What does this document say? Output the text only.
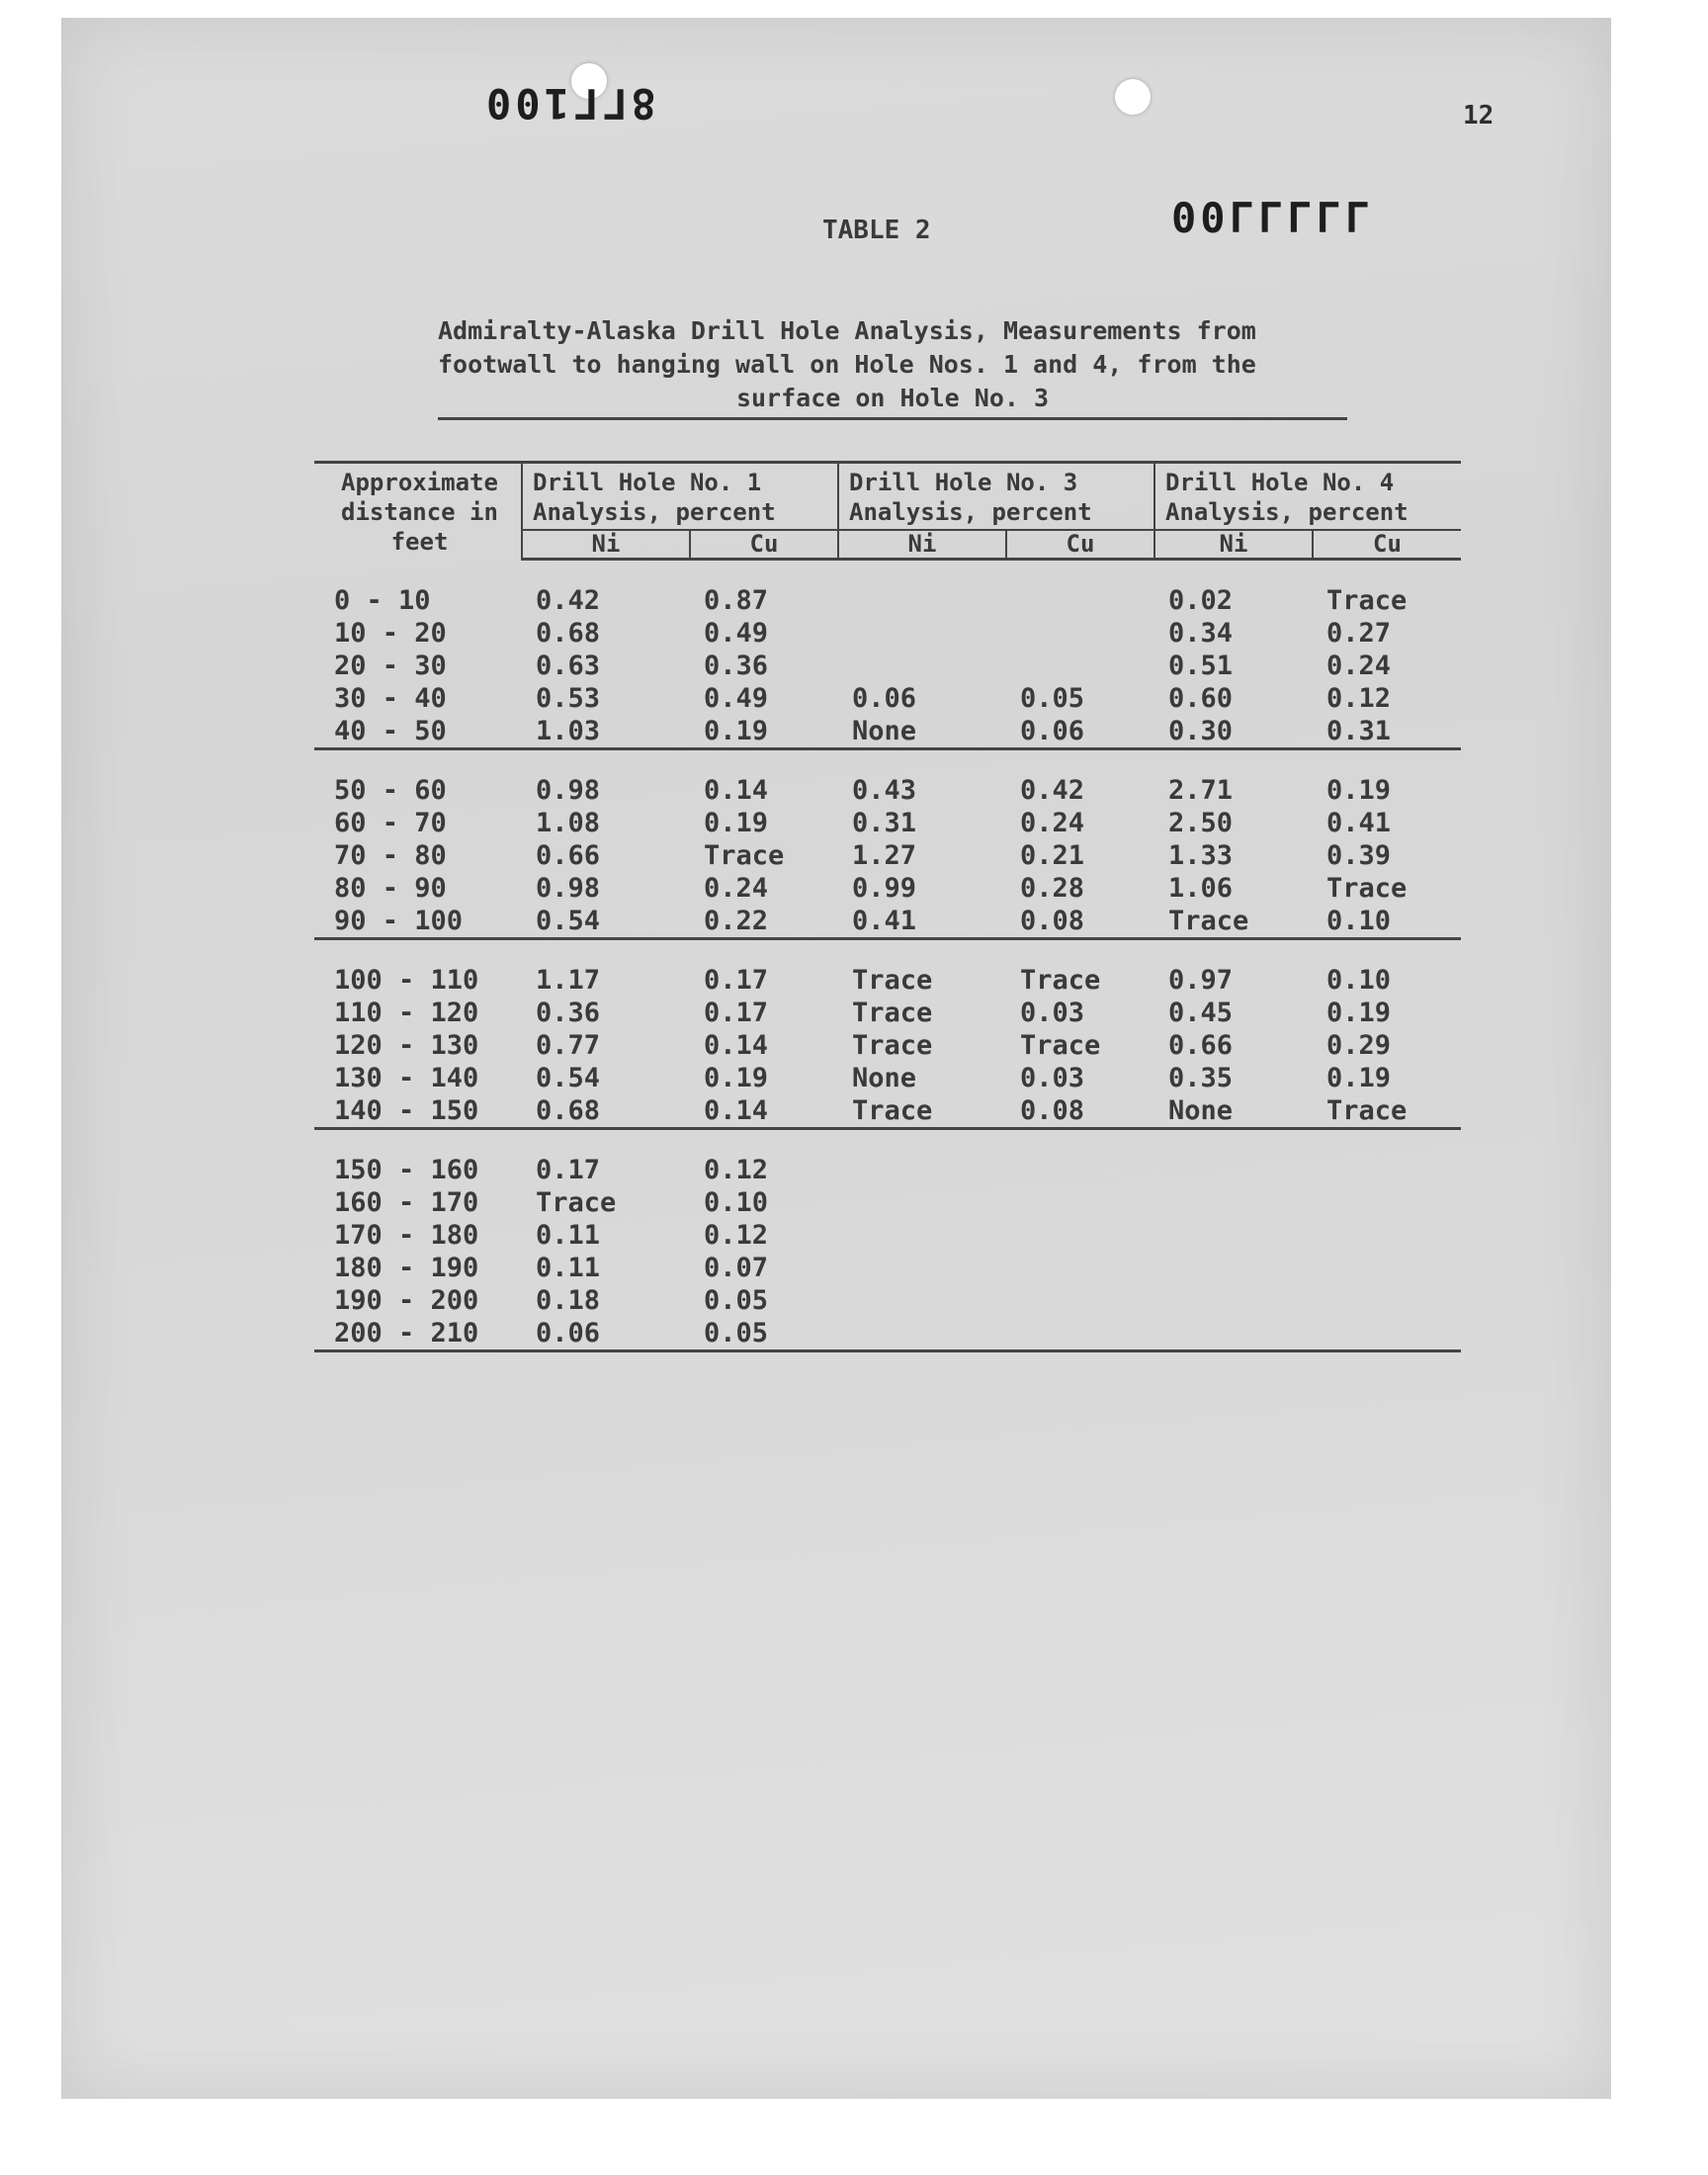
8ΓΓ100
00ΓΓΓΓΓ
12
TABLE 2
Admiralty-Alaska Drill Hole Analysis, Measurements from
footwall to hanging wall on Hole Nos. 1 and 4, from the
surface on Hole No. 3
Approximate distance in feet	Drill Hole No. 1 Analysis, percent		Drill Hole No. 3 Analysis, percent		Drill Hole No. 4 Analysis, percent	
	Ni	Cu	Ni	Cu	Ni	Cu

0 - 10	0.42	0.87			0.02	Trace
10 - 20	0.68	0.49			0.34	0.27
20 - 30	0.63	0.36			0.51	0.24
30 - 40	0.53	0.49	0.06	0.05	0.60	0.12
40 - 50	1.03	0.19	None	0.06	0.30	0.31

50 - 60	0.98	0.14	0.43	0.42	2.71	0.19
60 - 70	1.08	0.19	0.31	0.24	2.50	0.41
70 - 80	0.66	Trace	1.27	0.21	1.33	0.39
80 - 90	0.98	0.24	0.99	0.28	1.06	Trace
90 - 100	0.54	0.22	0.41	0.08	Trace	0.10

100 - 110	1.17	0.17	Trace	Trace	0.97	0.10
110 - 120	0.36	0.17	Trace	0.03	0.45	0.19
120 - 130	0.77	0.14	Trace	Trace	0.66	0.29
130 - 140	0.54	0.19	None	0.03	0.35	0.19
140 - 150	0.68	0.14	Trace	0.08	None	Trace

150 - 160	0.17	0.12				
160 - 170	Trace	0.10				
170 - 180	0.11	0.12				
180 - 190	0.11	0.07				
190 - 200	0.18	0.05				
200 - 210	0.06	0.05				
